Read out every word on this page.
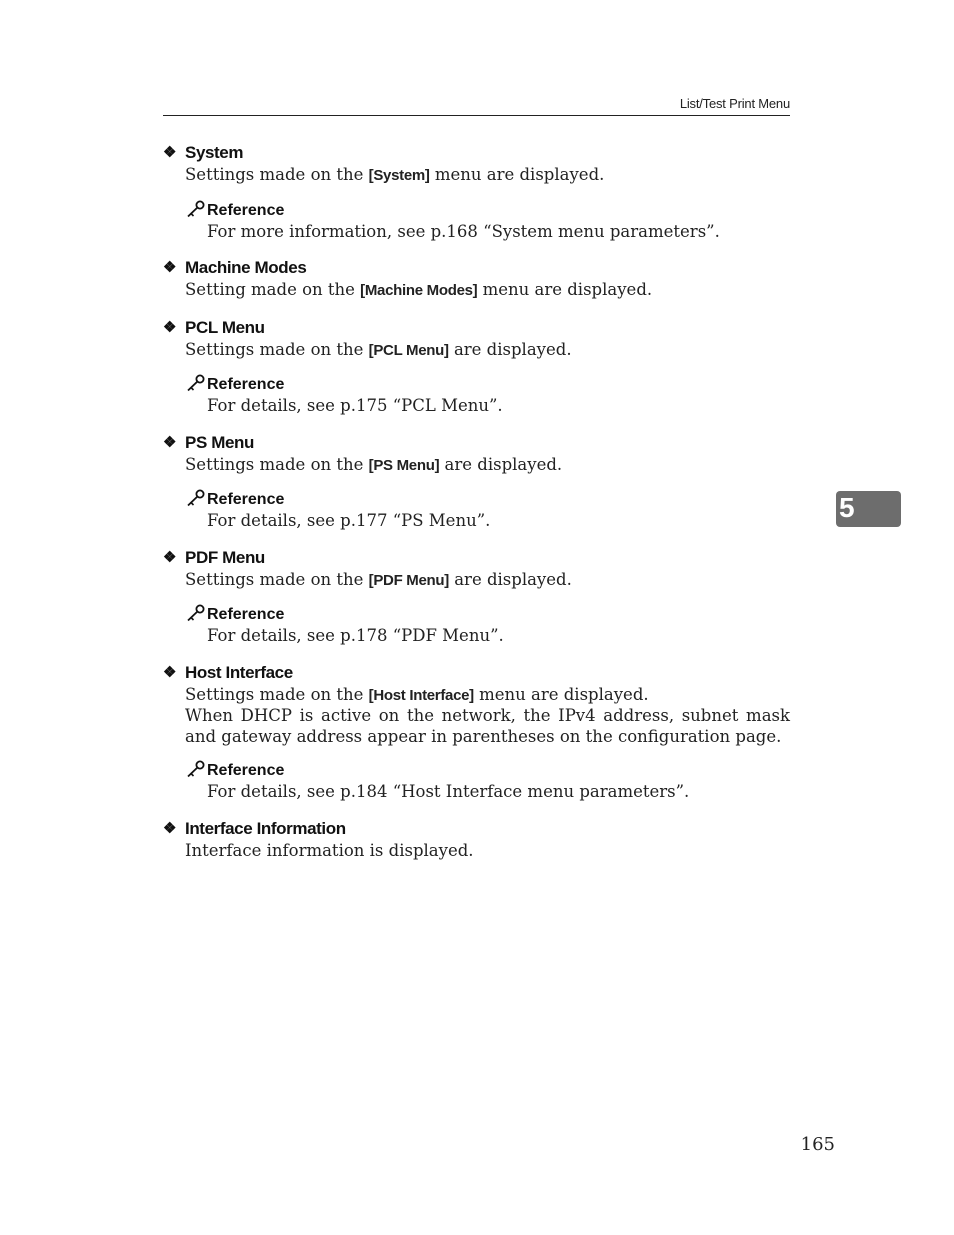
List/Test Print Menu
❖ System
Settings made on the [System] menu are displayed.
Reference
For more information, see p.168 “System menu parameters”.
❖ Machine Modes
Setting made on the [Machine Modes] menu are displayed.
❖ PCL Menu
Settings made on the [PCL Menu] are displayed.
Reference
For details, see p.175 “PCL Menu”.
❖ PS Menu
Settings made on the [PS Menu] are displayed.
Reference
For details, see p.177 “PS Menu”.
❖ PDF Menu
Settings made on the [PDF Menu] are displayed.
Reference
For details, see p.178 “PDF Menu”.
❖ Host Interface
Settings made on the [Host Interface] menu are displayed.
When DHCP is active on the network, the IPv4 address, subnet mask and gateway address appear in parentheses on the configuration page.
Reference
For details, see p.184 “Host Interface menu parameters”.
❖ Interface Information
Interface information is displayed.
5
165
